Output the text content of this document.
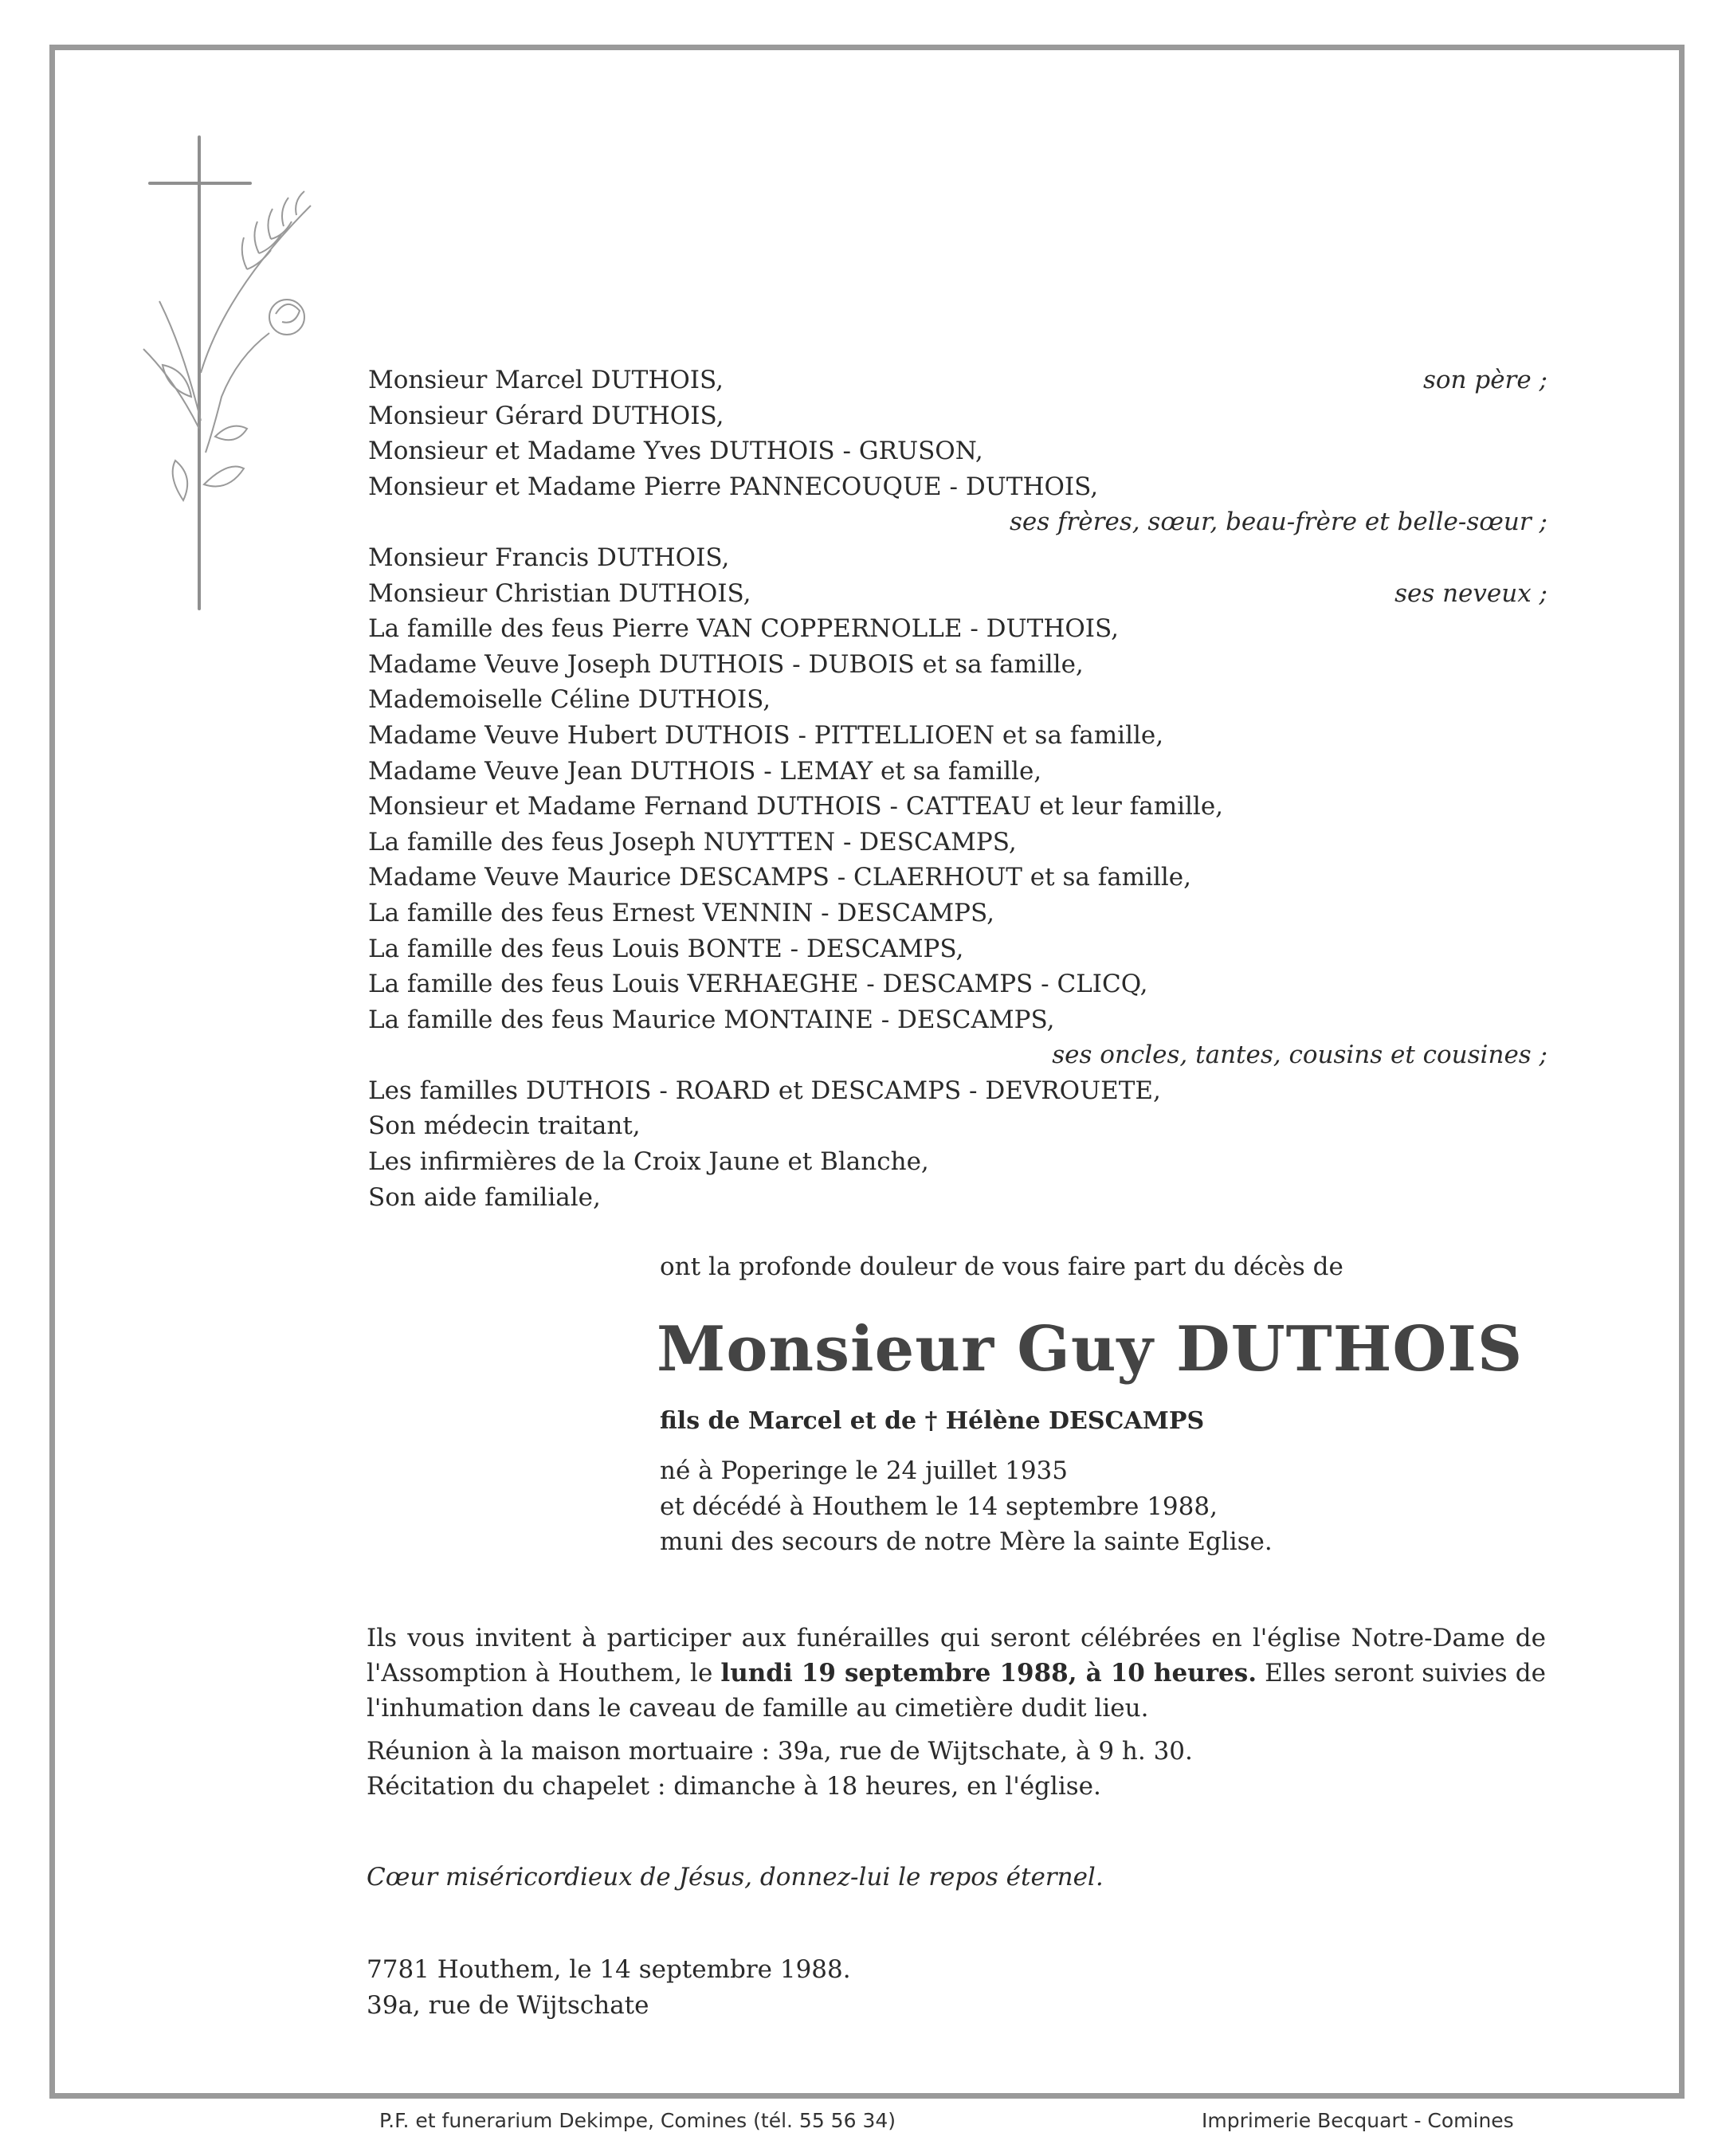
Monsieur Marcel DUTHOIS,	son père ;
Monsieur Gérard DUTHOIS,
Monsieur et Madame Yves DUTHOIS - GRUSON,
Monsieur et Madame Pierre PANNECOUQUE - DUTHOIS,
ses frères, sœur, beau-frère et belle-sœur ;
Monsieur Francis DUTHOIS,
Monsieur Christian DUTHOIS,	ses neveux ;
La famille des feus Pierre VAN COPPERNOLLE - DUTHOIS,
Madame Veuve Joseph DUTHOIS - DUBOIS et sa famille,
Mademoiselle Céline DUTHOIS,
Madame Veuve Hubert DUTHOIS - PITTELLIOEN et sa famille,
Madame Veuve Jean DUTHOIS - LEMAY et sa famille,
Monsieur et Madame Fernand DUTHOIS - CATTEAU et leur famille,
La famille des feus Joseph NUYTTEN - DESCAMPS,
Madame Veuve Maurice DESCAMPS - CLAERHOUT et sa famille,
La famille des feus Ernest VENNIN - DESCAMPS,
La famille des feus Louis BONTE - DESCAMPS,
La famille des feus Louis VERHAEGHE - DESCAMPS - CLICQ,
La famille des feus Maurice MONTAINE - DESCAMPS,
ses oncles, tantes, cousins et cousines ;
Les familles DUTHOIS - ROARD et DESCAMPS - DEVROUETE,
Son médecin traitant,
Les infirmières de la Croix Jaune et Blanche,
Son aide familiale,
ont la profonde douleur de vous faire part du décès de
Monsieur Guy DUTHOIS
fils de Marcel et de † Hélène DESCAMPS
né à Poperinge le 24 juillet 1935
et décédé à Houthem le 14 septembre 1988,
muni des secours de notre Mère la sainte Eglise.

Ils vous invitent à participer aux funérailles qui seront célébrées en l'église Notre-Dame de l'Assomption à Houthem, le lundi 19 septembre 1988, à 10 heures. Elles seront suivies de l'inhumation dans le caveau de famille au cimetière dudit lieu.

Réunion à la maison mortuaire : 39a, rue de Wijtschate, à 9 h. 30.

Récitation du chapelet : dimanche à 18 heures, en l'église.

Cœur miséricordieux de Jésus, donnez-lui le repos éternel.
7781 Houthem, le 14 septembre 1988.
39a, rue de Wijtschate
P.F. et funerarium Dekimpe, Comines (tél. 55 56 34)	Imprimerie Becquart - Comines
